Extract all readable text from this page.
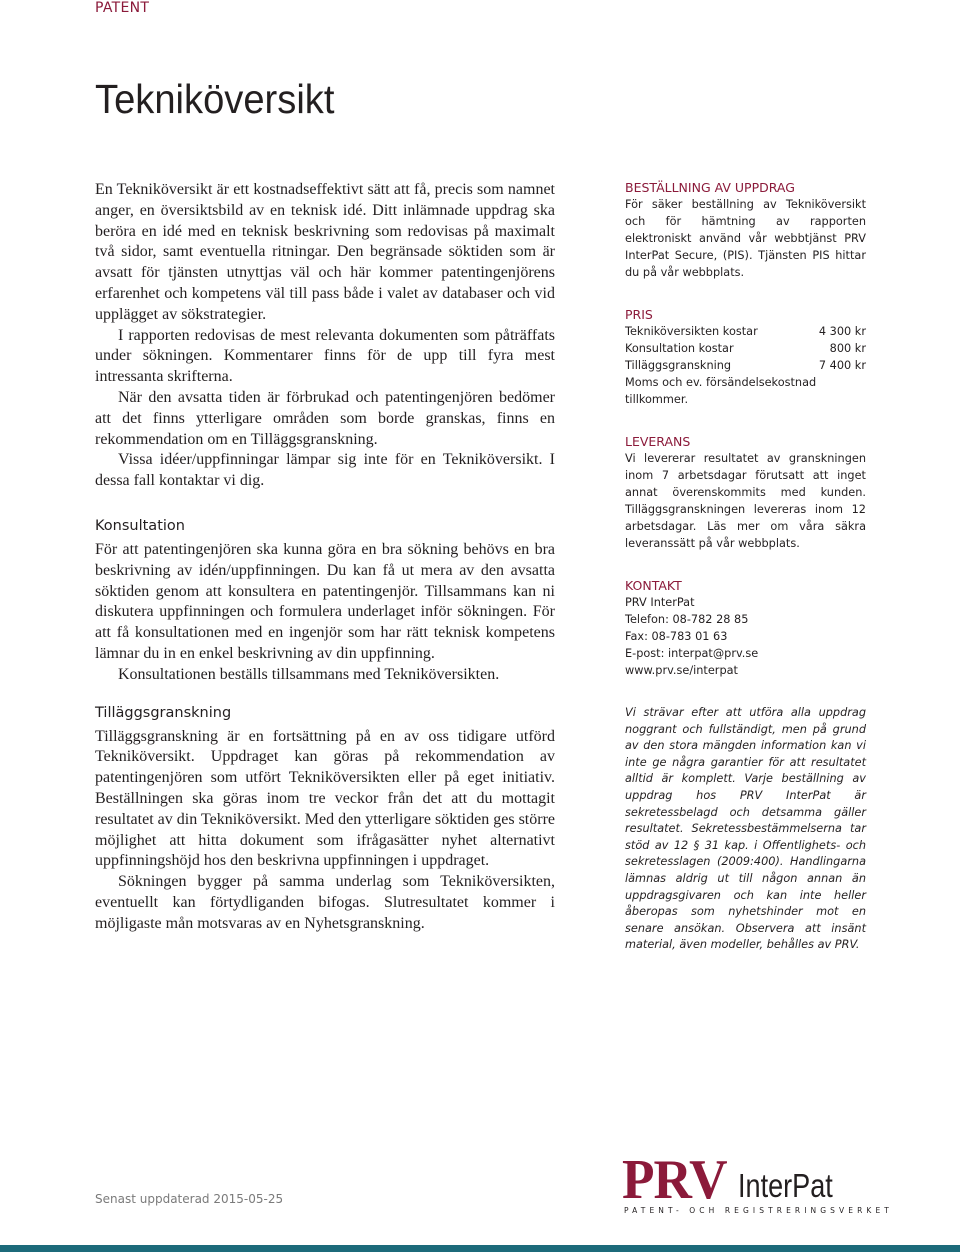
PATENT
Tekniköversikt

En Tekniköversikt är ett kostnadseffektivt sätt att få, precis som namnet anger, en översiktsbild av en teknisk idé. Ditt inlämnade uppdrag ska beröra en idé med en teknisk beskrivning som redovisas på maximalt två sidor, samt eventuella ritningar. Den begränsade söktiden som är avsatt för tjänsten utnyttjas väl och här kommer patentingenjörens erfarenhet och kompetens väl till pass både i valet av databaser och vid upplägget av sökstrategier.

I rapporten redovisas de mest relevanta dokumenten som påträffats under sökningen. Kommentarer finns för de upp till fyra mest intressanta skrifterna.

När den avsatta tiden är förbrukad och patentingenjören bedömer att det finns ytterligare områden som borde granskas, finns en rekommendation om en Tilläggsgranskning.

Vissa idéer/uppfinningar lämpar sig inte för en Tekniköversikt. I dessa fall kontaktar vi dig.

Konsultation

För att patentingenjören ska kunna göra en bra sökning behövs en bra beskrivning av idén/uppfinningen. Du kan få ut mera av den avsatta söktiden genom att konsultera en patentingenjör. Tillsammans kan ni diskutera uppfinningen och formulera underlaget inför sökningen. För att få konsultationen med en ingenjör som har rätt teknisk kompetens lämnar du in en enkel beskrivning av din uppfinning.

Konsultationen beställs tillsammans med Tekniköversikten.

Tilläggsgranskning

Tilläggsgranskning är en fortsättning på en av oss tidigare utförd Tekniköversikt. Uppdraget kan göras på rekommendation av patentingenjören som utfört Tekniköversikten eller på eget initiativ. Beställningen ska göras inom tre veckor från det att du mottagit resultatet av din Tekniköversikt. Med den ytterligare söktiden ges större möjlighet att hitta dokument som ifrågasätter nyhet alternativt uppfinningshöjd hos den beskrivna uppfinningen i uppdraget.

Sökningen bygger på samma underlag som Tekniköversikten, eventuellt kan förtydliganden bifogas. Slutresultatet kommer i möjligaste mån motsvaras av en Nyhetsgranskning.

BESTÄLLNING AV UPPDRAG

För säker beställning av Tekniköversikt och för hämtning av rapporten elektroniskt använd vår webbtjänst PRV InterPat Secure, (PIS). Tjänsten PIS hittar du på vår webbplats.

PRIS
Tekniköversikten kostar	4 300 kr
Konsultation kostar	800 kr
Tilläggsgranskning	7 400 kr
Moms och ev. försändelsekostnad tillkommer.
LEVERANS

Vi levererar resultatet av granskningen inom 7 arbetsdagar förutsatt att inget annat överenskommits med kunden. Tilläggsgranskningen levereras inom 12 arbetsdagar. Läs mer om våra säkra leveranssätt på vår webbplats.

KONTAKT
PRV InterPat
Telefon: 08-782 28 85
Fax: 08-783 01 63
E-post: interpat@prv.se
www.prv.se/interpat

Vi strävar efter att utföra alla uppdrag noggrant och fullständigt, men på grund av den stora mängden information kan vi inte ge några garantier för att resultatet alltid är komplett. Varje beställning av uppdrag hos PRV InterPat är sekretessbelagd och detsamma gäller resultatet. Sekretessbestämmelserna tar stöd av 12 § 31 kap. i Offentlighets- och sekretesslagen (2009:400). Handlingarna lämnas aldrig ut till någon annan än uppdragsgivaren och kan inte heller åberopas som nyhetshinder mot en senare ansökan. Observera att insänt material, även modeller, behålles av PRV.

Senast uppdaterad 2015-05-25	PRV InterPat
PATENT- OCH REGISTRERINGSVERKET
